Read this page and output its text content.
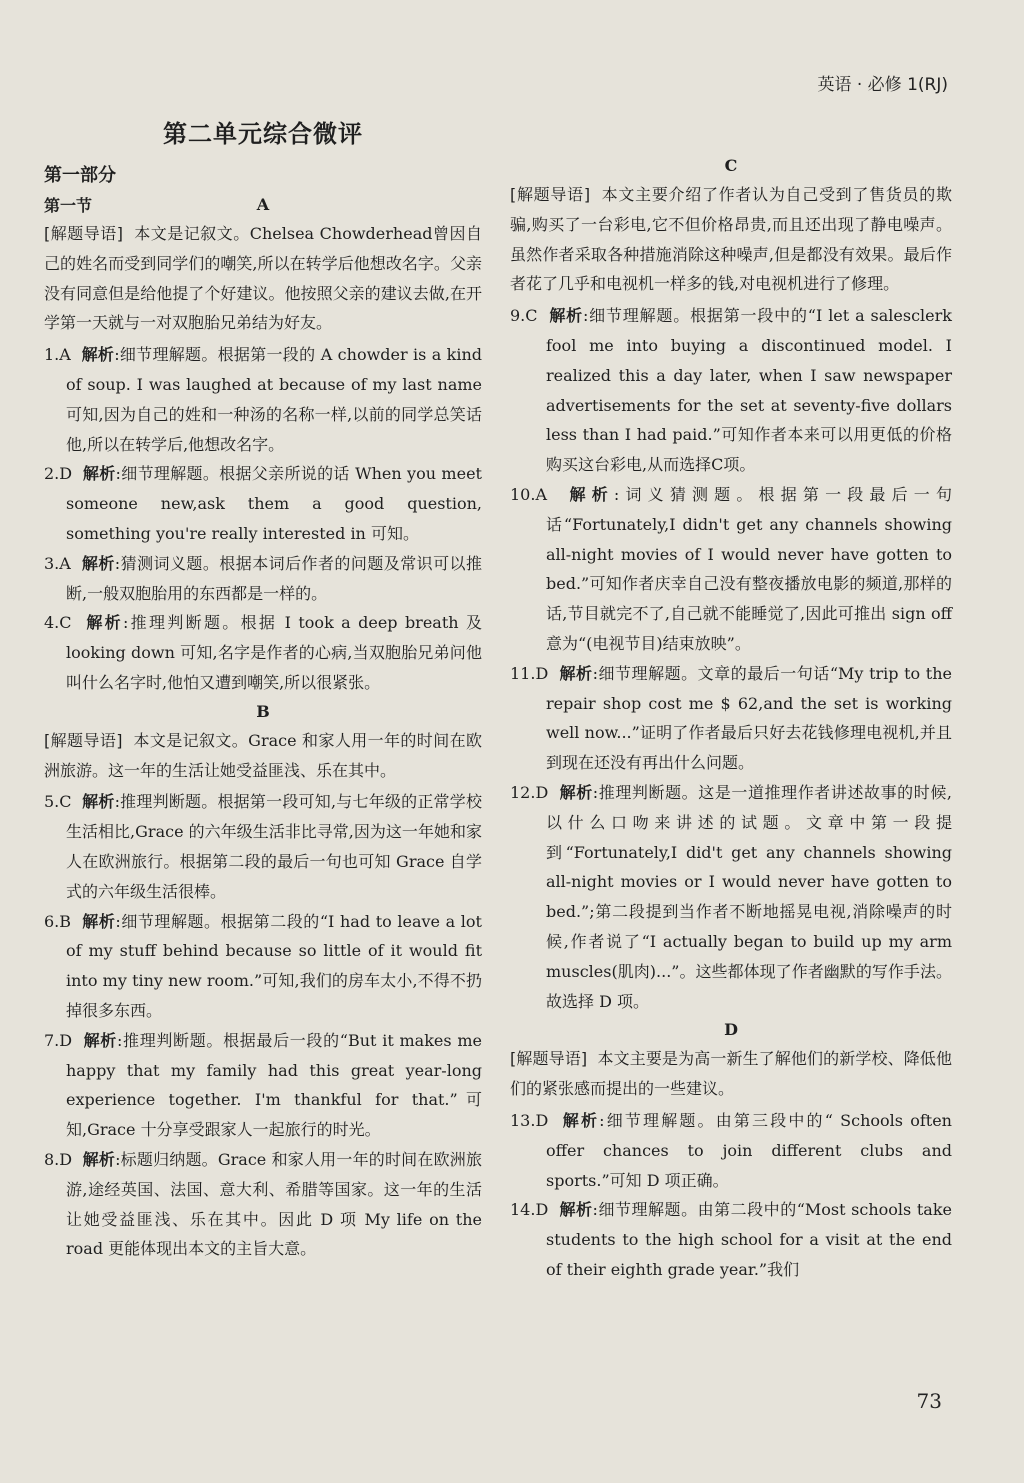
英语 · 必修 1(RJ)
第二单元综合微评
第一部分
第一节	A

[解题导语] 本文是记叙文。Chelsea Chowderhead曾因自己的姓名而受到同学们的嘲笑,所以在转学后他想改名字。父亲没有同意但是给他提了个好建议。他按照父亲的建议去做,在开学第一天就与一对双胞胎兄弟结为好友。

1.A 解析:细节理解题。根据第一段的 A chowder is a kind of soup. I was laughed at because of my last name 可知,因为自己的姓和一种汤的名称一样,以前的同学总笑话他,所以在转学后,他想改名字。

2.D 解析:细节理解题。根据父亲所说的话 When you meet someone new,ask them a good question, something you're really interested in 可知。

3.A 解析:猜测词义题。根据本词后作者的问题及常识可以推断,一般双胞胎用的东西都是一样的。

4.C 解析:推理判断题。根据 I took a deep breath 及 looking down 可知,名字是作者的心病,当双胞胎兄弟问他叫什么名字时,他怕又遭到嘲笑,所以很紧张。

B

[解题导语] 本文是记叙文。Grace 和家人用一年的时间在欧洲旅游。这一年的生活让她受益匪浅、乐在其中。

5.C 解析:推理判断题。根据第一段可知,与七年级的正常学校生活相比,Grace 的六年级生活非比寻常,因为这一年她和家人在欧洲旅行。根据第二段的最后一句也可知 Grace 自学式的六年级生活很棒。

6.B 解析:细节理解题。根据第二段的“I had to leave a lot of my stuff behind because so little of it would fit into my tiny new room.”可知,我们的房车太小,不得不扔掉很多东西。

7.D 解析:推理判断题。根据最后一段的“But it makes me happy that my family had this great year-long experience together. I'm thankful for that.”可知,Grace 十分享受跟家人一起旅行的时光。

8.D 解析:标题归纳题。Grace 和家人用一年的时间在欧洲旅游,途经英国、法国、意大利、希腊等国家。这一年的生活让她受益匪浅、乐在其中。因此 D 项 My life on the road 更能体现出本文的主旨大意。

C

[解题导语] 本文主要介绍了作者认为自己受到了售货员的欺骗,购买了一台彩电,它不但价格昂贵,而且还出现了静电噪声。虽然作者采取各种措施消除这种噪声,但是都没有效果。最后作者花了几乎和电视机一样多的钱,对电视机进行了修理。

9.C 解析:细节理解题。根据第一段中的“I let a salesclerk fool me into buying a discontinued model. I realized this a day later, when I saw newspaper advertisements for the set at seventy-five dollars less than I had paid.”可知作者本来可以用更低的价格购买这台彩电,从而选择C项。

10.A 解析:词义猜测题。根据第一段最后一句话“Fortunately,I didn't get any channels showing all-night movies of I would never have gotten to bed.”可知作者庆幸自己没有整夜播放电影的频道,那样的话,节目就完不了,自己就不能睡觉了,因此可推出 sign off 意为“(电视节目)结束放映”。

11.D 解析:细节理解题。文章的最后一句话“My trip to the repair shop cost me $ 62,and the set is working well now...”证明了作者最后只好去花钱修理电视机,并且到现在还没有再出什么问题。

12.D 解析:推理判断题。这是一道推理作者讲述故事的时候,以什么口吻来讲述的试题。文章中第一段提到“Fortunately,I did't get any channels showing all-night movies or I would never have gotten to bed.”;第二段提到当作者不断地摇晃电视,消除噪声的时候,作者说了“I actually began to build up my arm muscles(肌肉)...”。这些都体现了作者幽默的写作手法。故选择 D 项。

D

[解题导语] 本文主要是为高一新生了解他们的新学校、降低他们的紧张感而提出的一些建议。

13.D 解析:细节理解题。由第三段中的“ Schools often offer chances to join different clubs and sports.”可知 D 项正确。

14.D 解析:细节理解题。由第二段中的“Most schools take students to the high school for a visit at the end of their eighth grade year.”我们

73
